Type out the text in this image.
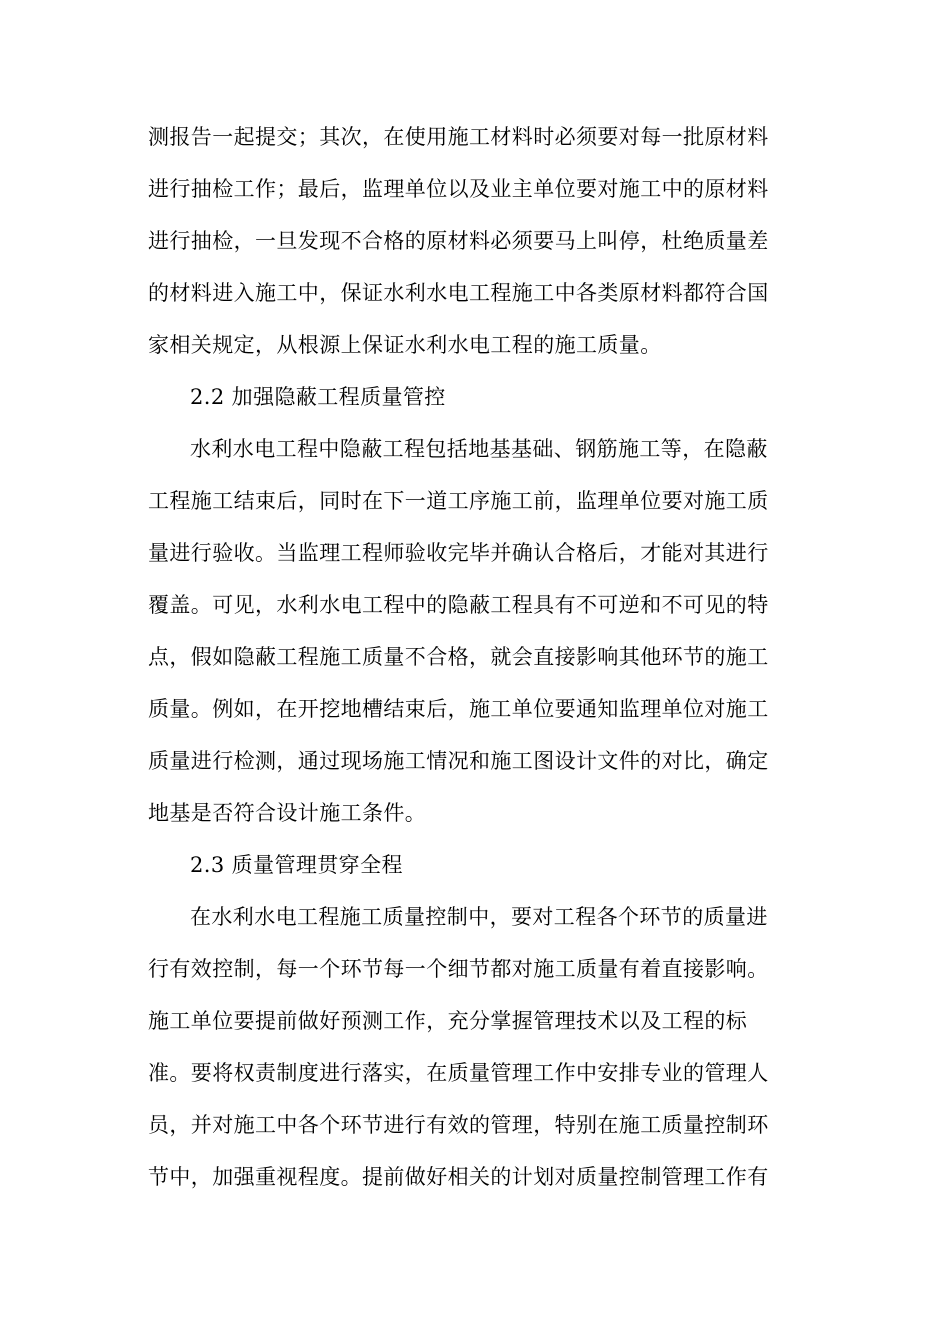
测报告一起提交；其次，在使用施工材料时必须要对每一批原材料
进行抽检工作；最后，监理单位以及业主单位要对施工中的原材料
进行抽检，一旦发现不合格的原材料必须要马上叫停，杜绝质量差
的材料进入施工中，保证水利水电工程施工中各类原材料都符合国
家相关规定，从根源上保证水利水电工程的施工质量。
2.2 加强隐蔽工程质量管控
水利水电工程中隐蔽工程包括地基基础、钢筋施工等，在隐蔽
工程施工结束后，同时在下一道工序施工前，监理单位要对施工质
量进行验收。当监理工程师验收完毕并确认合格后，才能对其进行
覆盖。可见，水利水电工程中的隐蔽工程具有不可逆和不可见的特
点，假如隐蔽工程施工质量不合格，就会直接影响其他环节的施工
质量。例如，在开挖地槽结束后，施工单位要通知监理单位对施工
质量进行检测，通过现场施工情况和施工图设计文件的对比，确定
地基是否符合设计施工条件。
2.3 质量管理贯穿全程
在水利水电工程施工质量控制中，要对工程各个环节的质量进
行有效控制，每一个环节每一个细节都对施工质量有着直接影响。
施工单位要提前做好预测工作，充分掌握管理技术以及工程的标
准。要将权责制度进行落实，在质量管理工作中安排专业的管理人
员，并对施工中各个环节进行有效的管理，特别在施工质量控制环
节中，加强重视程度。提前做好相关的计划对质量控制管理工作有
